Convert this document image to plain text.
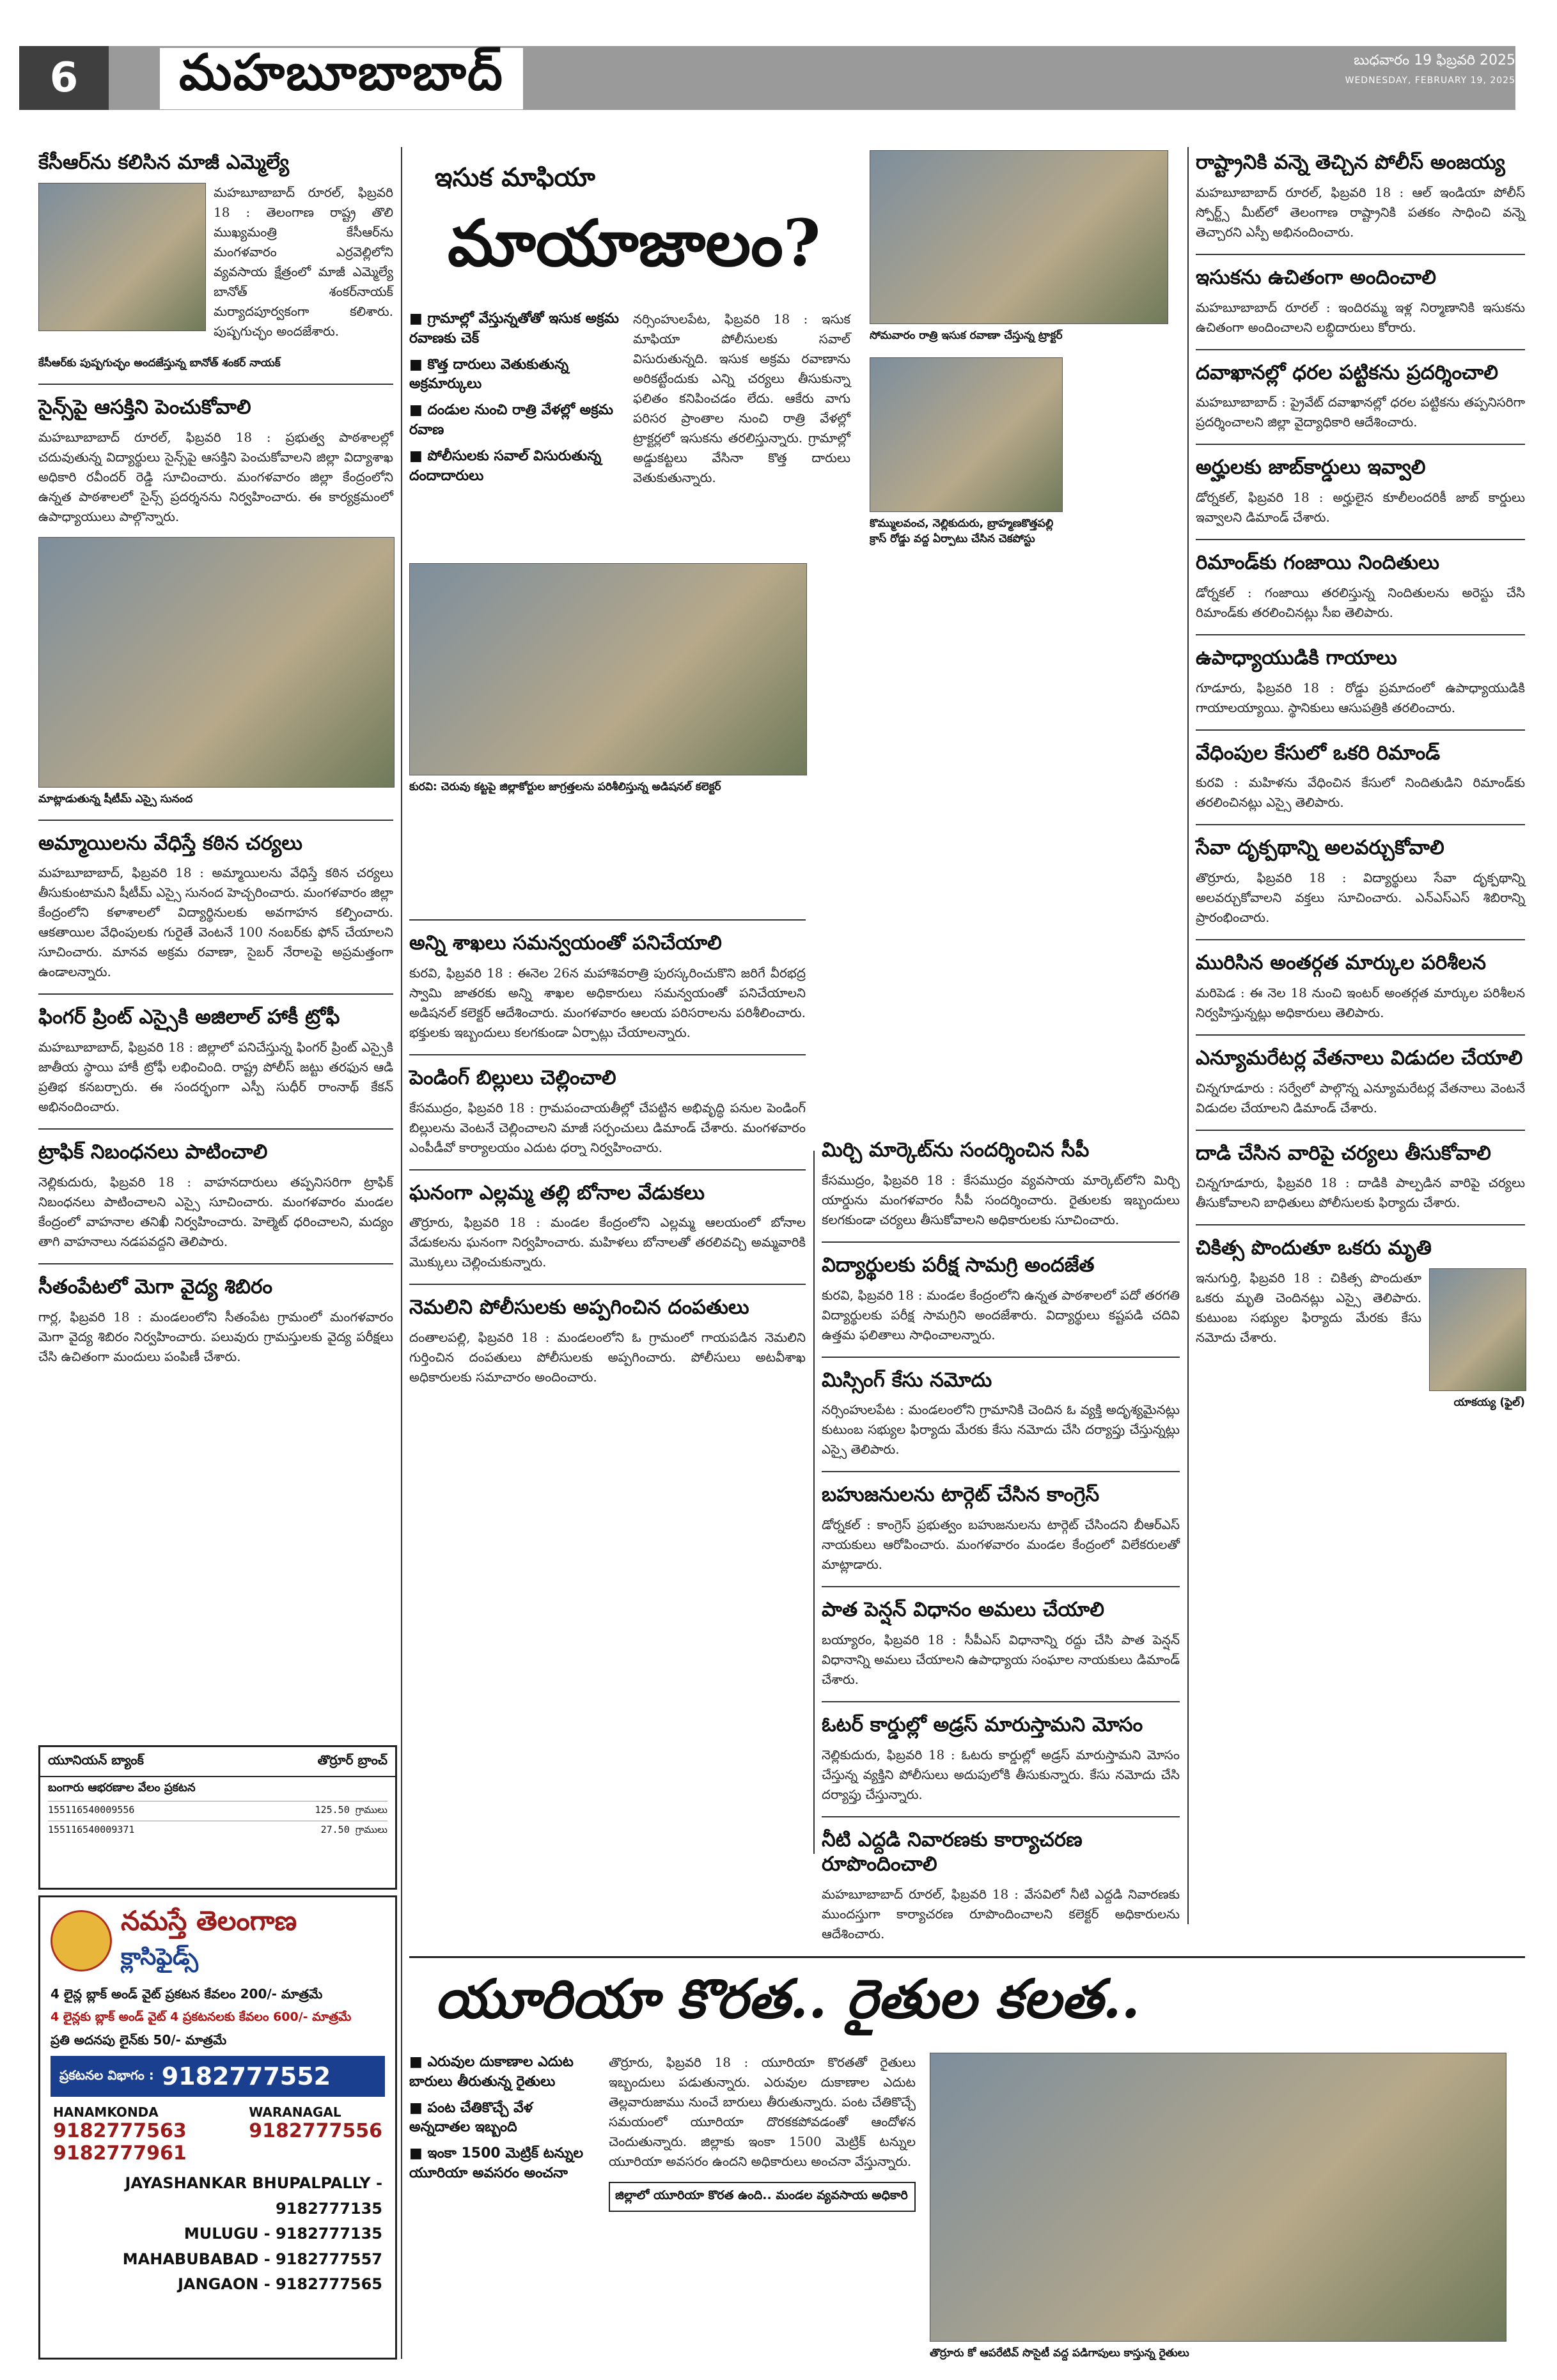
6	మహబూబాబాద్	బుధవారం 19 ఫిబ్రవరి 2025
WEDNESDAY, FEBRUARY 19, 2025
కేసీఆర్‌ను కలిసిన మాజీ ఎమ్మెల్యే

మహబూబాబాద్ రూరల్, ఫిబ్రవరి 18 : తెలంగాణ రాష్ట్ర తొలి ముఖ్యమంత్రి కేసీఆర్‌ను మంగళవారం ఎర్రవెల్లిలోని వ్యవసాయ క్షేత్రంలో మాజీ ఎమ్మెల్యే బానోత్ శంకర్‌నాయక్ మర్యాదపూర్వకంగా కలిశారు. పుష్పగుచ్ఛం అందజేశారు.

కేసీఆర్‌కు పుష్పగుచ్ఛం అందజేస్తున్న బానోత్ శంకర్ నాయక్
సైన్స్‌పై ఆసక్తిని పెంచుకోవాలి

మహబూబాబాద్ రూరల్, ఫిబ్రవరి 18 : ప్రభుత్వ పాఠశాలల్లో చదువుతున్న విద్యార్థులు సైన్స్‌పై ఆసక్తిని పెంచుకోవాలని జిల్లా విద్యాశాఖ అధికారి రవీందర్ రెడ్డి సూచించారు. మంగళవారం జిల్లా కేంద్రంలోని ఉన్నత పాఠశాలలో సైన్స్ ప్రదర్శనను నిర్వహించారు. ఈ కార్యక్రమంలో ఉపాధ్యాయులు పాల్గొన్నారు.

మాట్లాడుతున్న షీటీమ్ ఎస్సై సునంద
అమ్మాయిలను వేధిస్తే కఠిన చర్యలు

మహబూబాబాద్, ఫిబ్రవరి 18 : అమ్మాయిలను వేధిస్తే కఠిన చర్యలు తీసుకుంటామని షీటీమ్ ఎస్సై సునంద హెచ్చరించారు. మంగళవారం జిల్లా కేంద్రంలోని కళాశాలలో విద్యార్థినులకు అవగాహన కల్పించారు. ఆకతాయిల వేధింపులకు గురైతే వెంటనే 100 నంబర్‌కు ఫోన్ చేయాలని సూచించారు. మానవ అక్రమ రవాణా, సైబర్ నేరాలపై అప్రమత్తంగా ఉండాలన్నారు.

ఫింగర్ ప్రింట్ ఎస్సైకి అజిలాల్ హాకీ ట్రోఫీ

మహబూబాబాద్, ఫిబ్రవరి 18 : జిల్లాలో పనిచేస్తున్న ఫింగర్ ప్రింట్ ఎస్సైకి జాతీయ స్థాయి హాకీ ట్రోఫీ లభించింది. రాష్ట్ర పోలీస్ జట్టు తరఫున ఆడి ప్రతిభ కనబర్చారు. ఈ సందర్భంగా ఎస్పీ సుధీర్ రాంనాథ్ కేకన్ అభినందించారు.

ట్రాఫిక్ నిబంధనలు పాటించాలి

నెల్లికుదురు, ఫిబ్రవరి 18 : వాహనదారులు తప్పనిసరిగా ట్రాఫిక్ నిబంధనలు పాటించాలని ఎస్సై సూచించారు. మంగళవారం మండల కేంద్రంలో వాహనాల తనిఖీ నిర్వహించారు. హెల్మెట్ ధరించాలని, మద్యం తాగి వాహనాలు నడపవద్దని తెలిపారు.

సీతంపేటలో మెగా వైద్య శిబిరం

గార్ల, ఫిబ్రవరి 18 : మండలంలోని సీతంపేట గ్రామంలో మంగళవారం మెగా వైద్య శిబిరం నిర్వహించారు. పలువురు గ్రామస్తులకు వైద్య పరీక్షలు చేసి ఉచితంగా మందులు పంపిణీ చేశారు.

యూనియన్ బ్యాంక్	తొర్రూర్ బ్రాంచ్
బంగారు ఆభరణాల వేలం ప్రకటన
155116540009556	125.50 గ్రాములు
155116540009371	27.50 గ్రాములు
నమస్తే తెలంగాణ
క్లాసిఫైడ్స్
4 లైన్ల బ్లాక్ అండ్ వైట్ ప్రకటన కేవలం 200/- మాత్రమే
4 లైన్లకు బ్లాక్ అండ్ వైట్ 4 ప్రకటనలకు కేవలం 600/- మాత్రమే
ప్రతి అదనపు లైన్‌కు 50/- మాత్రమే
ప్రకటనల విభాగం : 9182777552
HANAMKONDA
9182777563
9182777961
WARANAGAL
9182777556
JAYASHANKAR BHUPALPALLY - 9182777135
MULUGU - 9182777135
MAHABUBABAD - 9182777557
JANGAON - 9182777565
ఇసుక మాఫియా
మాయాజాలం?
■ గ్రామాల్లో వేస్తున్నతోతో ఇసుక అక్రమ రవాణకు చెక్
■ కొత్త దారులు వెతుకుతున్న అక్రమార్కులు
■ దండుల నుంచి రాత్రి వేళల్లో అక్రమ రవాణ
■ పోలీసులకు సవాల్ విసురుతున్న దందాదారులు

నర్సింహులపేట, ఫిబ్రవరి 18 : ఇసుక మాఫియా పోలీసులకు సవాల్ విసురుతున్నది. ఇసుక అక్రమ రవాణాను అరికట్టేందుకు ఎన్ని చర్యలు తీసుకున్నా ఫలితం కనిపించడం లేదు. ఆకేరు వాగు పరిసర ప్రాంతాల నుంచి రాత్రి వేళల్లో ట్రాక్టర్లలో ఇసుకను తరలిస్తున్నారు. గ్రామాల్లో అడ్డుకట్టలు వేసినా కొత్త దారులు వెతుకుతున్నారు.

సోమవారం రాత్రి ఇసుక రవాణా చేస్తున్న ట్రాక్టర్
కొమ్ములవంచ, నెల్లికుదురు, బ్రాహ్మణకొత్తపల్లి క్రాస్ రోడ్డు వద్ద ఏర్పాటు చేసిన చెకపోస్టు
కురవి: చెరువు కట్టపై జిల్లాకోర్టుల జాగ్రత్తలను పరిశీలిస్తున్న అడిషనల్ కలెక్టర్
అన్ని శాఖలు సమన్వయంతో పనిచేయాలి

కురవి, ఫిబ్రవరి 18 : ఈనెల 26న మహాశివరాత్రి పురస్కరించుకొని జరిగే వీరభద్ర స్వామి జాతరకు అన్ని శాఖల అధికారులు సమన్వయంతో పనిచేయాలని అడిషనల్ కలెక్టర్ ఆదేశించారు. మంగళవారం ఆలయ పరిసరాలను పరిశీలించారు. భక్తులకు ఇబ్బందులు కలగకుండా ఏర్పాట్లు చేయాలన్నారు.

పెండింగ్ బిల్లులు చెల్లించాలి

కేసముద్రం, ఫిబ్రవరి 18 : గ్రామపంచాయతీల్లో చేపట్టిన అభివృద్ధి పనుల పెండింగ్ బిల్లులను వెంటనే చెల్లించాలని మాజీ సర్పంచులు డిమాండ్ చేశారు. మంగళవారం ఎంపీడీవో కార్యాలయం ఎదుట ధర్నా నిర్వహించారు.

ఘనంగా ఎల్లమ్మ తల్లి బోనాల వేడుకలు

తొర్రూరు, ఫిబ్రవరి 18 : మండల కేంద్రంలోని ఎల్లమ్మ ఆలయంలో బోనాల వేడుకలను ఘనంగా నిర్వహించారు. మహిళలు బోనాలతో తరలివచ్చి అమ్మవారికి మొక్కులు చెల్లించుకున్నారు.

నెమలిని పోలీసులకు అప్పగించిన దంపతులు

దంతాలపల్లి, ఫిబ్రవరి 18 : మండలంలోని ఓ గ్రామంలో గాయపడిన నెమలిని గుర్తించిన దంపతులు పోలీసులకు అప్పగించారు. పోలీసులు అటవీశాఖ అధికారులకు సమాచారం అందించారు.

మిర్చి మార్కెట్‌ను సందర్శించిన సీపీ

కేసముద్రం, ఫిబ్రవరి 18 : కేసముద్రం వ్యవసాయ మార్కెట్‌లోని మిర్చి యార్డును మంగళవారం సీపీ సందర్శించారు. రైతులకు ఇబ్బందులు కలగకుండా చర్యలు తీసుకోవాలని అధికారులకు సూచించారు.

విద్యార్థులకు పరీక్ష సామగ్రి అందజేత

కురవి, ఫిబ్రవరి 18 : మండల కేంద్రంలోని ఉన్నత పాఠశాలలో పదో తరగతి విద్యార్థులకు పరీక్ష సామగ్రిని అందజేశారు. విద్యార్థులు కష్టపడి చదివి ఉత్తమ ఫలితాలు సాధించాలన్నారు.

మిస్సింగ్ కేసు నమోదు

నర్సింహులపేట : మండలంలోని గ్రామానికి చెందిన ఓ వ్యక్తి అదృశ్యమైనట్లు కుటుంబ సభ్యుల ఫిర్యాదు మేరకు కేసు నమోదు చేసి దర్యాప్తు చేస్తున్నట్లు ఎస్సై తెలిపారు.

బహుజనులను టార్గెట్ చేసిన కాంగ్రెస్

డోర్నకల్ : కాంగ్రెస్ ప్రభుత్వం బహుజనులను టార్గెట్ చేసిందని బీఆర్ఎస్ నాయకులు ఆరోపించారు. మంగళవారం మండల కేంద్రంలో విలేకరులతో మాట్లాడారు.

పాత పెన్షన్ విధానం అమలు చేయాలి

బయ్యారం, ఫిబ్రవరి 18 : సీపీఎస్ విధానాన్ని రద్దు చేసి పాత పెన్షన్ విధానాన్ని అమలు చేయాలని ఉపాధ్యాయ సంఘాల నాయకులు డిమాండ్ చేశారు.

ఓటర్ కార్డుల్లో అడ్రస్ మారుస్తామని మోసం

నెల్లికుదురు, ఫిబ్రవరి 18 : ఓటరు కార్డుల్లో అడ్రస్ మారుస్తామని మోసం చేస్తున్న వ్యక్తిని పోలీసులు అదుపులోకి తీసుకున్నారు. కేసు నమోదు చేసి దర్యాప్తు చేస్తున్నారు.

నీటి ఎద్దడి నివారణకు కార్యాచరణ రూపొందించాలి

మహబూబాబాద్ రూరల్, ఫిబ్రవరి 18 : వేసవిలో నీటి ఎద్దడి నివారణకు ముందస్తుగా కార్యాచరణ రూపొందించాలని కలెక్టర్ అధికారులను ఆదేశించారు.

రాష్ట్రానికి వన్నె తెచ్చిన పోలీస్ అంజయ్య

మహబూబాబాద్ రూరల్, ఫిబ్రవరి 18 : ఆల్ ఇండియా పోలీస్ స్పోర్ట్స్ మీట్‌లో తెలంగాణ రాష్ట్రానికి పతకం సాధించి వన్నె తెచ్చారని ఎస్పీ అభినందించారు.

ఇసుకను ఉచితంగా అందించాలి

మహబూబాబాద్ రూరల్ : ఇందిరమ్మ ఇళ్ల నిర్మాణానికి ఇసుకను ఉచితంగా అందించాలని లబ్ధిదారులు కోరారు.

దవాఖానల్లో ధరల పట్టికను ప్రదర్శించాలి

మహబూబాబాద్ : ప్రైవేట్ దవాఖానల్లో ధరల పట్టికను తప్పనిసరిగా ప్రదర్శించాలని జిల్లా వైద్యాధికారి ఆదేశించారు.

అర్హులకు జాబ్‌కార్డులు ఇవ్వాలి

డోర్నకల్, ఫిబ్రవరి 18 : అర్హులైన కూలీలందరికీ జాబ్ కార్డులు ఇవ్వాలని డిమాండ్ చేశారు.

రిమాండ్‌కు గంజాయి నిందితులు

డోర్నకల్ : గంజాయి తరలిస్తున్న నిందితులను అరెస్టు చేసి రిమాండ్‌కు తరలించినట్లు సీఐ తెలిపారు.

ఉపాధ్యాయుడికి గాయాలు

గూడూరు, ఫిబ్రవరి 18 : రోడ్డు ప్రమాదంలో ఉపాధ్యాయుడికి గాయాలయ్యాయి. స్థానికులు ఆసుపత్రికి తరలించారు.

వేధింపుల కేసులో ఒకరి రిమాండ్

కురవి : మహిళను వేధించిన కేసులో నిందితుడిని రిమాండ్‌కు తరలించినట్లు ఎస్సై తెలిపారు.

సేవా దృక్పథాన్ని అలవర్చుకోవాలి

తొర్రూరు, ఫిబ్రవరి 18 : విద్యార్థులు సేవా దృక్పథాన్ని అలవర్చుకోవాలని వక్తలు సూచించారు. ఎన్‌ఎస్‌ఎస్ శిబిరాన్ని ప్రారంభించారు.

మురిసిన అంతర్గత మార్కుల పరిశీలన

మరిపెడ : ఈ నెల 18 నుంచి ఇంటర్ అంతర్గత మార్కుల పరిశీలన నిర్వహిస్తున్నట్లు అధికారులు తెలిపారు.

ఎన్యూమరేటర్ల వేతనాలు విడుదల చేయాలి

చిన్నగూడూరు : సర్వేలో పాల్గొన్న ఎన్యూమరేటర్ల వేతనాలు వెంటనే విడుదల చేయాలని డిమాండ్ చేశారు.

దాడి చేసిన వారిపై చర్యలు తీసుకోవాలి

చిన్నగూడూరు, ఫిబ్రవరి 18 : దాడికి పాల్పడిన వారిపై చర్యలు తీసుకోవాలని బాధితులు పోలీసులకు ఫిర్యాదు చేశారు.

చికిత్స పొందుతూ ఒకరు మృతి

ఇనుగుర్తి, ఫిబ్రవరి 18 : చికిత్స పొందుతూ ఒకరు మృతి చెందినట్లు ఎస్సై తెలిపారు. కుటుంబ సభ్యుల ఫిర్యాదు మేరకు కేసు నమోదు చేశారు.

యాకయ్య (ఫైల్)
యూరియా కొరత.. రైతుల కలత..
■ ఎరువుల దుకాణాల ఎదుట బారులు తీరుతున్న రైతులు
■ పంట చేతికొచ్చే వేళ అన్నదాతల ఇబ్బంది
■ ఇంకా 1500 మెట్రిక్ టన్నుల యూరియా అవసరం అంచనా

తొర్రూరు, ఫిబ్రవరి 18 : యూరియా కొరతతో రైతులు ఇబ్బందులు పడుతున్నారు. ఎరువుల దుకాణాల ఎదుట తెల్లవారుజాము నుంచే బారులు తీరుతున్నారు. పంట చేతికొచ్చే సమయంలో యూరియా దొరకకపోవడంతో ఆందోళన చెందుతున్నారు. జిల్లాకు ఇంకా 1500 మెట్రిక్ టన్నుల యూరియా అవసరం ఉందని అధికారులు అంచనా వేస్తున్నారు.

జిల్లాలో యూరియా కొరత ఉంది.. మండల వ్యవసాయ అధికారి
తొర్రూరు కో ఆపరేటివ్ సొసైటీ వద్ద పడిగాపులు కాస్తున్న రైతులు
